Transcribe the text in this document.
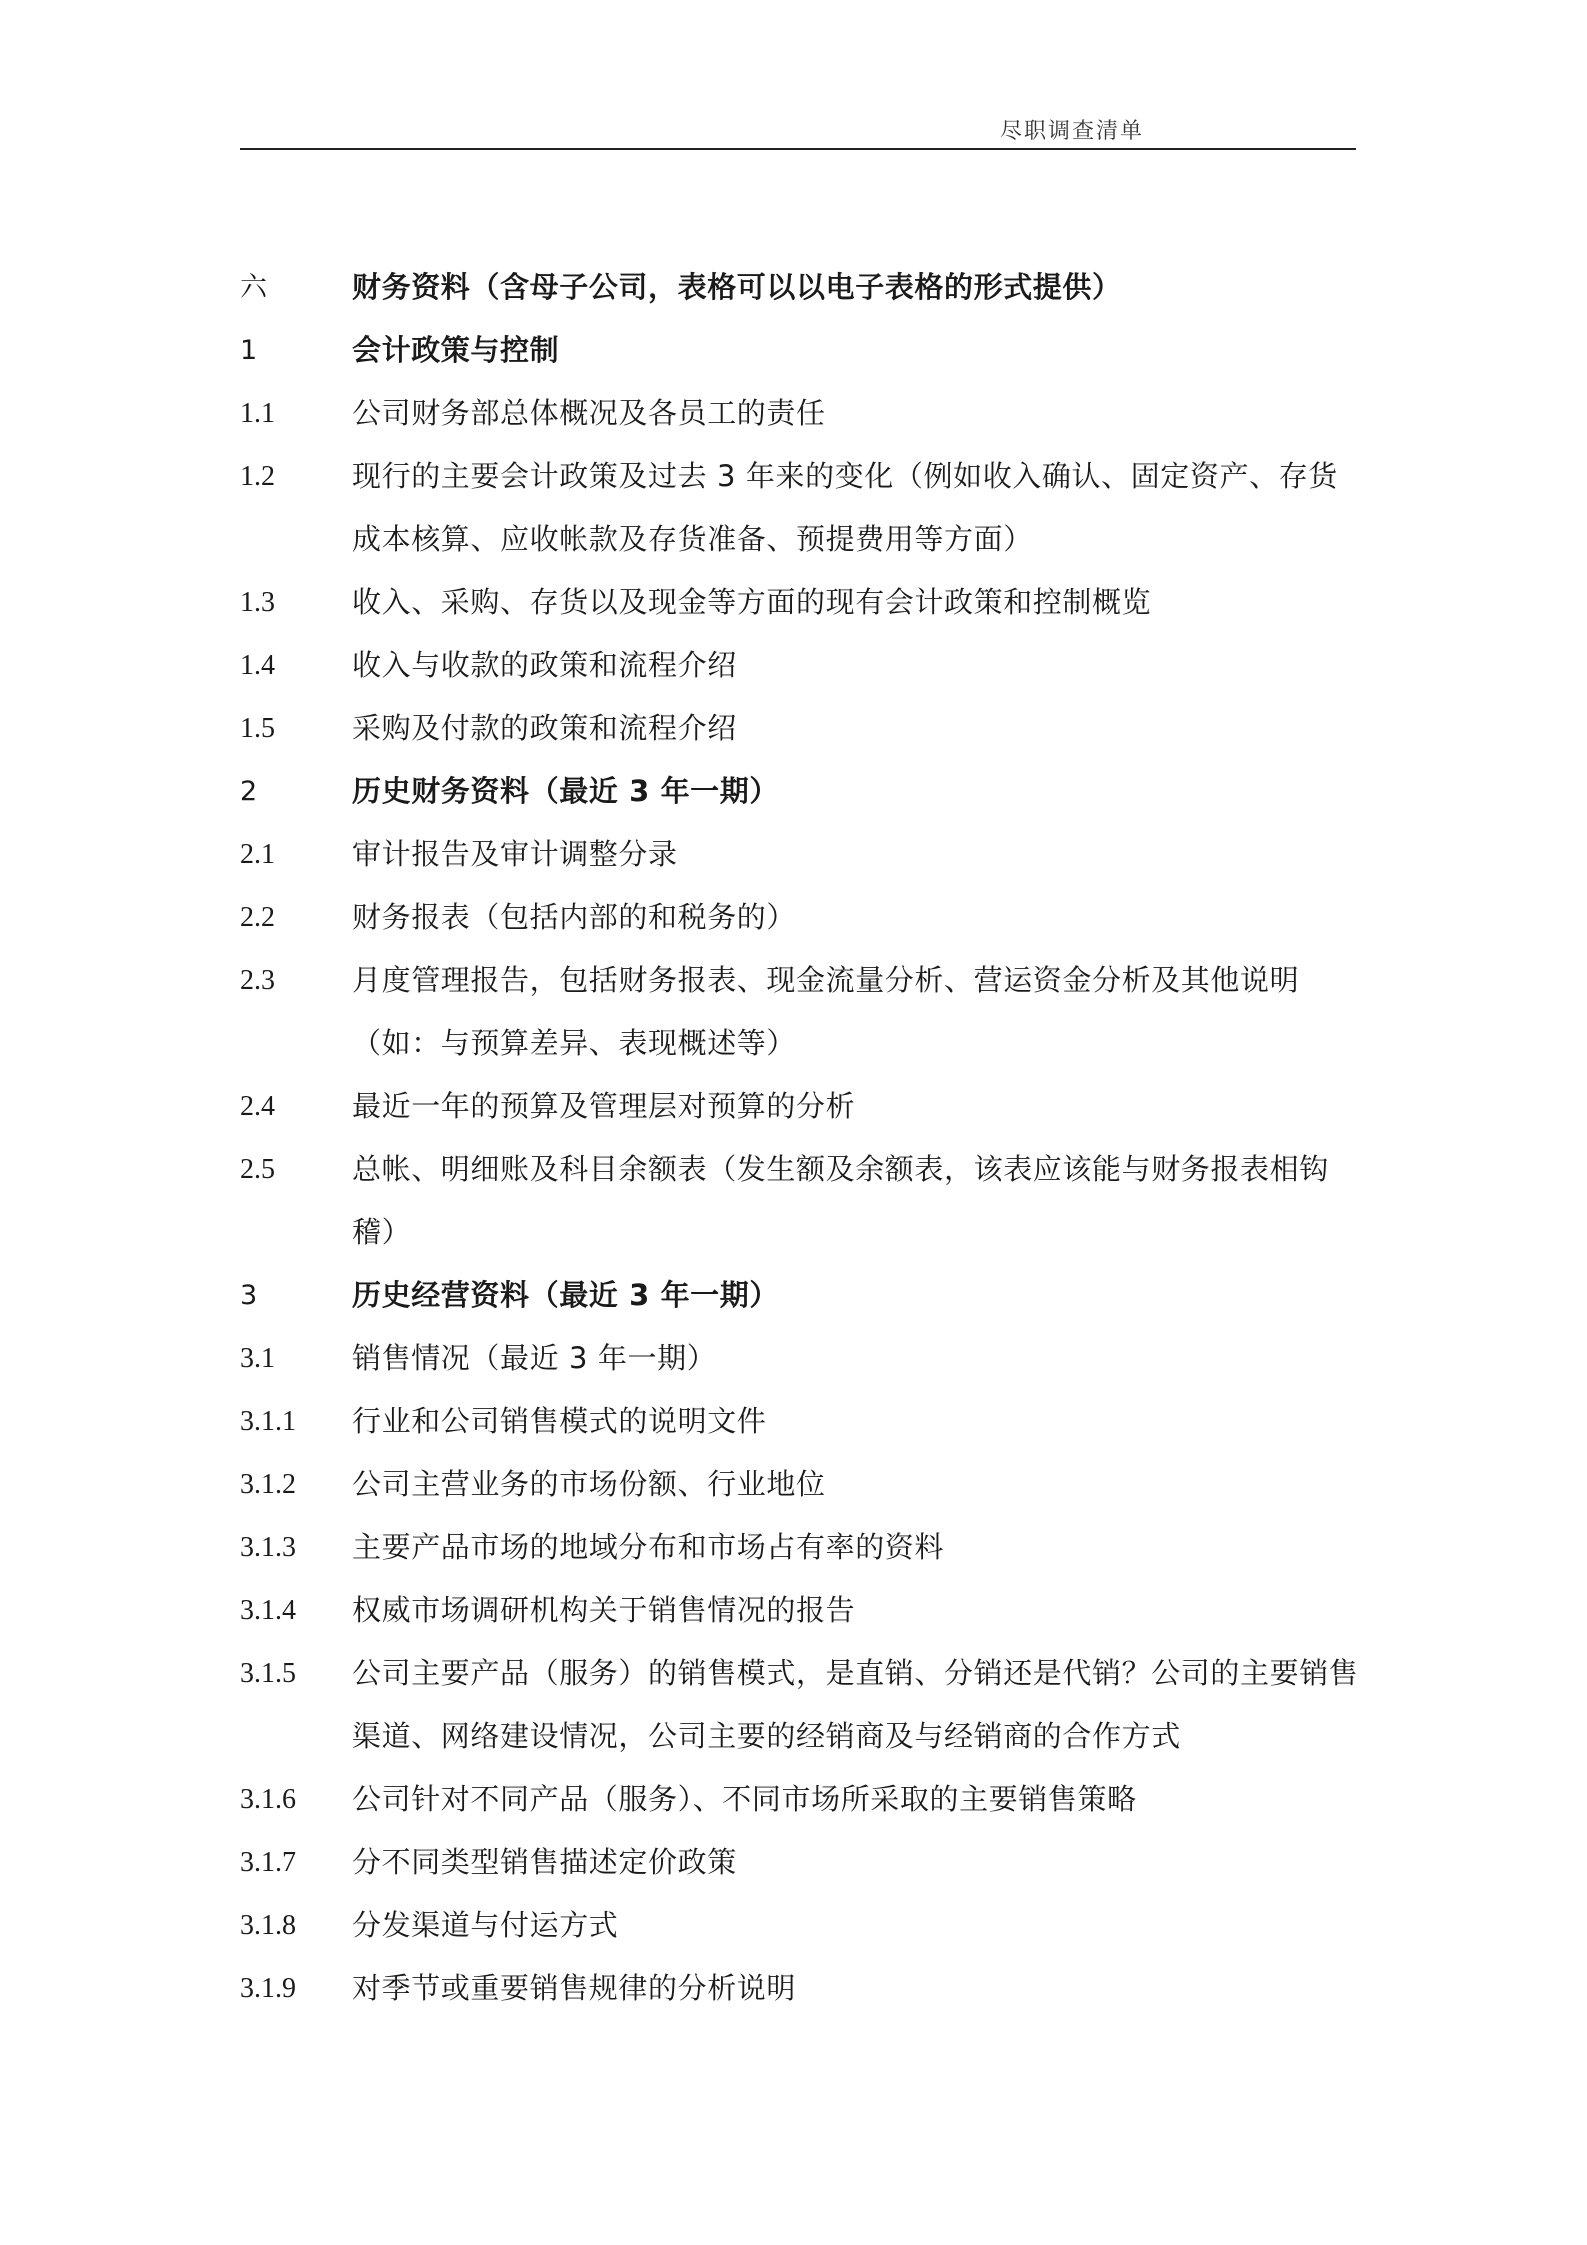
尽职调查清单
六	财务资料（含母子公司，表格可以以电子表格的形式提供）
1	会计政策与控制
1.1	公司财务部总体概况及各员工的责任
1.2	现行的主要会计政策及过去 3 年来的变化（例如收入确认、固定资产、存货成本核算、应收帐款及存货准备、预提费用等方面）
1.3	收入、采购、存货以及现金等方面的现有会计政策和控制概览
1.4	收入与收款的政策和流程介绍
1.5	采购及付款的政策和流程介绍
2	历史财务资料（最近 3 年一期）
2.1	审计报告及审计调整分录
2.2	财务报表（包括内部的和税务的）
2.3	月度管理报告，包括财务报表、现金流量分析、营运资金分析及其他说明（如：与预算差异、表现概述等）
2.4	最近一年的预算及管理层对预算的分析
2.5	总帐、明细账及科目余额表（发生额及余额表，该表应该能与财务报表相钩稽）
3	历史经营资料（最近 3 年一期）
3.1	销售情况（最近 3 年一期）
3.1.1	行业和公司销售模式的说明文件
3.1.2	公司主营业务的市场份额、行业地位
3.1.3	主要产品市场的地域分布和市场占有率的资料
3.1.4	权威市场调研机构关于销售情况的报告
3.1.5	公司主要产品（服务）的销售模式，是直销、分销还是代销？公司的主要销售渠道、网络建设情况，公司主要的经销商及与经销商的合作方式
3.1.6	公司针对不同产品（服务）、不同市场所采取的主要销售策略
3.1.7	分不同类型销售描述定价政策
3.1.8	分发渠道与付运方式
3.1.9	对季节或重要销售规律的分析说明
